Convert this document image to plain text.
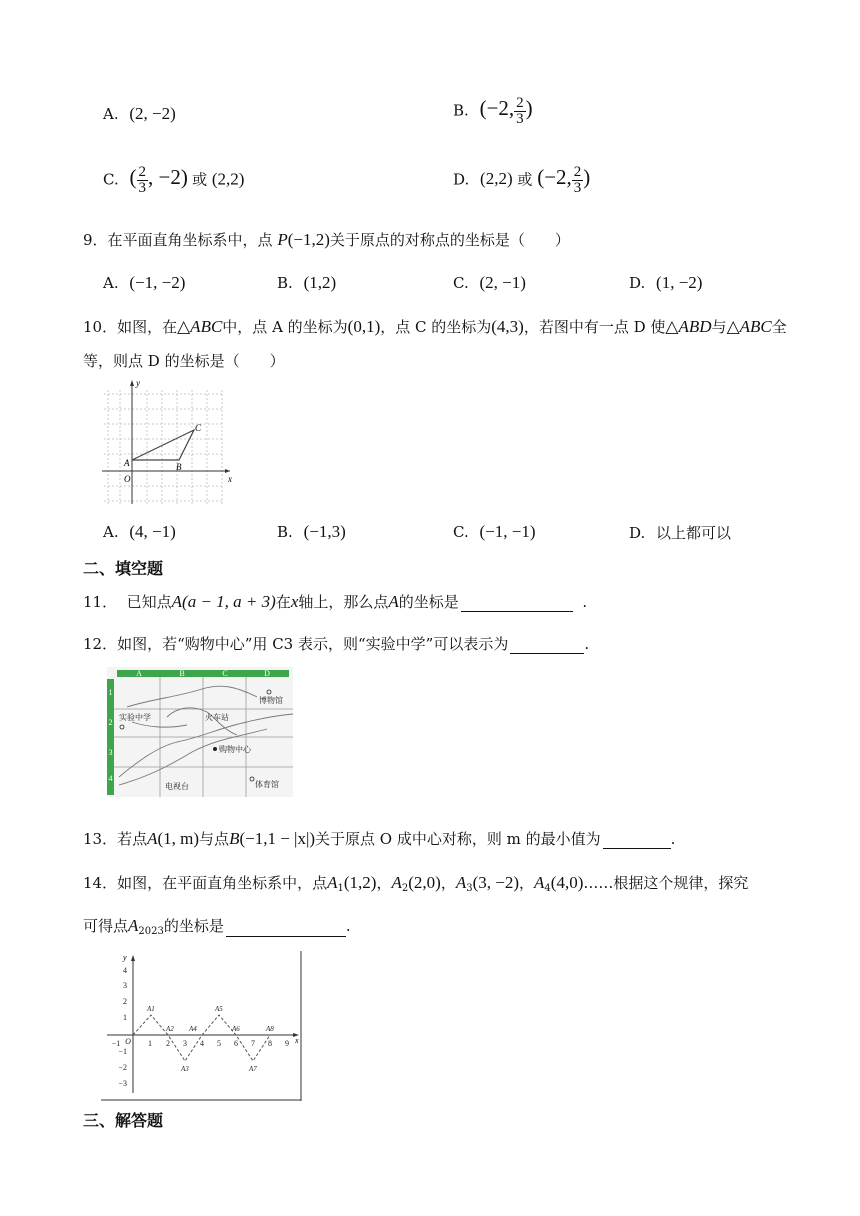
A. (2, −2)	B. (−2, $\frac{2}{3}$ )
C. ( $\frac{2}{3}$ , −2) 或 (2,2)	D. (2,2) 或 (−2, $\frac{2}{3}$ )
9．在平面直角坐标系中，点 P(−1,2)关于原点的对称点的坐标是（　　）
A. (−1, −2)	B. (1,2)	C. (2, −1)	D. (1, −2)
10．如图，在△ABC中，点 A 的坐标为(0,1)，点 C 的坐标为(4,3)，若图中有一点 D 使△ABD与△ABC全
等，则点 D 的坐标是（　　）
x
y
O
A	B
C
A. (4, −1)	B. (−1,3)	C. (−1, −1)	D. 以上都可以
二、填空题
11． 已知点A(a − 1, a + 3)在x轴上，那么点A的坐标是	.
12．如图，若“购物中心”用 C3 表示，则“实验中学”可以表示为	.
A	B	C	D
1
2
3
4
实验中学	火车站
购物中心
博物馆
电视台	体育馆
13．若点A(1, m)与点B(−1,1 − |x|)关于原点 O 成中心对称，则 m 的最小值为	.
14．如图，在平面直角坐标系中，点$A_1(1,2)$，$A_2(2,0)$，$A_3(3$, −2)，$A_4(4,0)\dots\dots$根据这个规律，探究
可得点$A_{2023}$的坐标是	.
4
3
2
1
−1
−2
−3
−1 O 1 2 3 4 5 6 7 8 9
A1
A2
A3
A4
A5
A6
A7
A8
x
y
三、解答题
